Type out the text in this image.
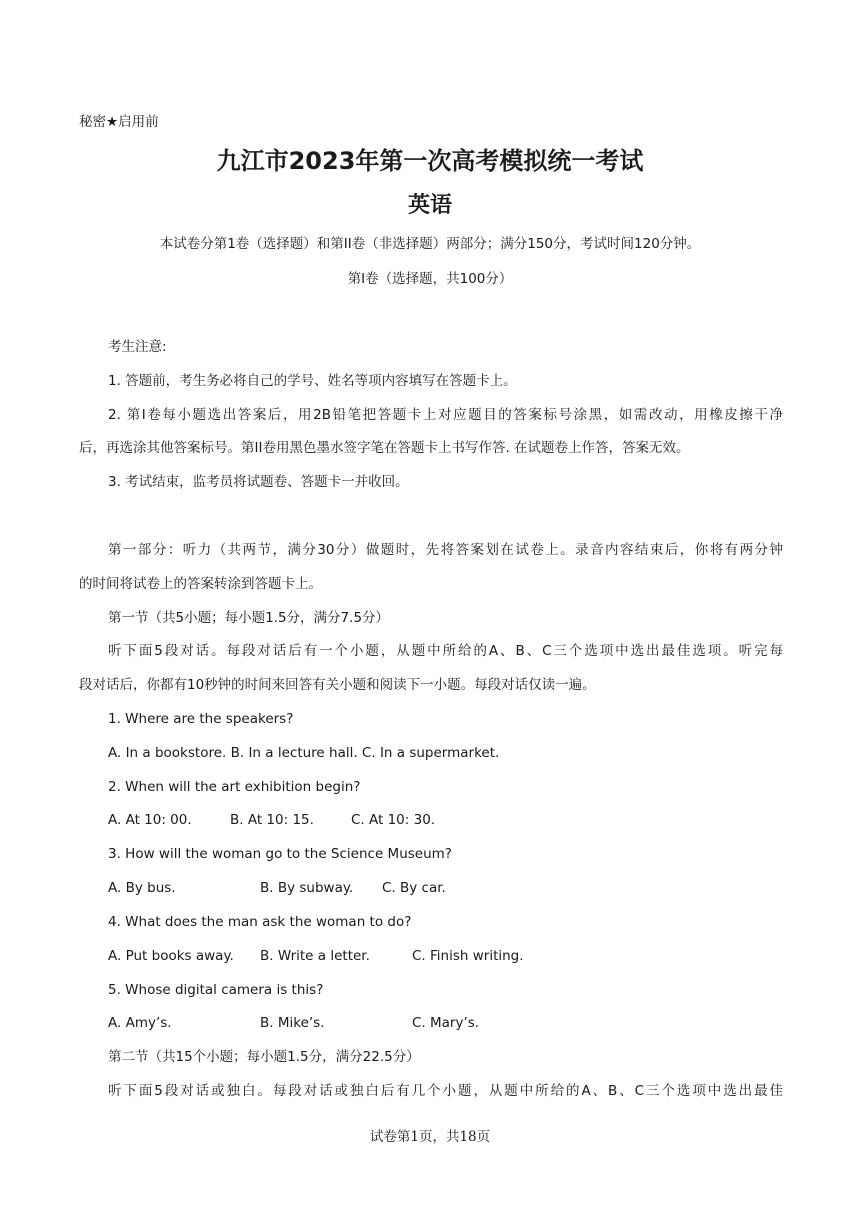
秘密★启用前
九江市2023年第一次高考模拟统一考试
英语
本试卷分第1卷（选择题）和第II卷（非选择题）两部分；满分150分，考试时间120分钟。
第I卷（选择题，共100分）
考生注意:
1. 答题前，考生务必将自己的学号、姓名等项内容填写在答题卡上。
2. 第I卷每小题选出答案后，用2B铅笔把答题卡上对应题目的答案标号涂黑，如需改动，用橡皮擦干净
后，再选涂其他答案标号。第II卷用黑色墨水签字笔在答题卡上书写作答. 在试题卷上作答，答案无效。
3. 考试结束，监考员将试题卷、答题卡一并收回。
第一部分：听力（共两节，满分30分）做题时，先将答案划在试卷上。录音内容结束后，你将有两分钟
的时间将试卷上的答案转涂到答题卡上。
第一节（共5小题；每小题1.5分，满分7.5分）
听下面5段对话。每段对话后有一个小题，从题中所给的A、B、C三个选项中选出最佳选项。听完每
段对话后，你都有10秒钟的时间来回答有关小题和阅读下一小题。每段对话仅读一遍。
1. Where are the speakers?
A. In a bookstore. B. In a lecture hall. C. In a supermarket.
2. When will the art exhibition begin?
A. At 10: 00.	B. At 10: 15.	C. At 10: 30.
3. How will the woman go to the Science Museum?
A. By bus.	B. By subway. C. By car.
4. What does the man ask the woman to do?
A. Put books away. B. Write a letter.	C. Finish writing.
5. Whose digital camera is this?
A. Amy’s.	B. Mike’s.	C. Mary’s.
第二节（共15个小题；每小题1.5分，满分22.5分）
听下面5段对话或独白。每段对话或独白后有几个小题，从题中所给的A、B、C三个选项中选出最佳
试卷第1页，共18页
